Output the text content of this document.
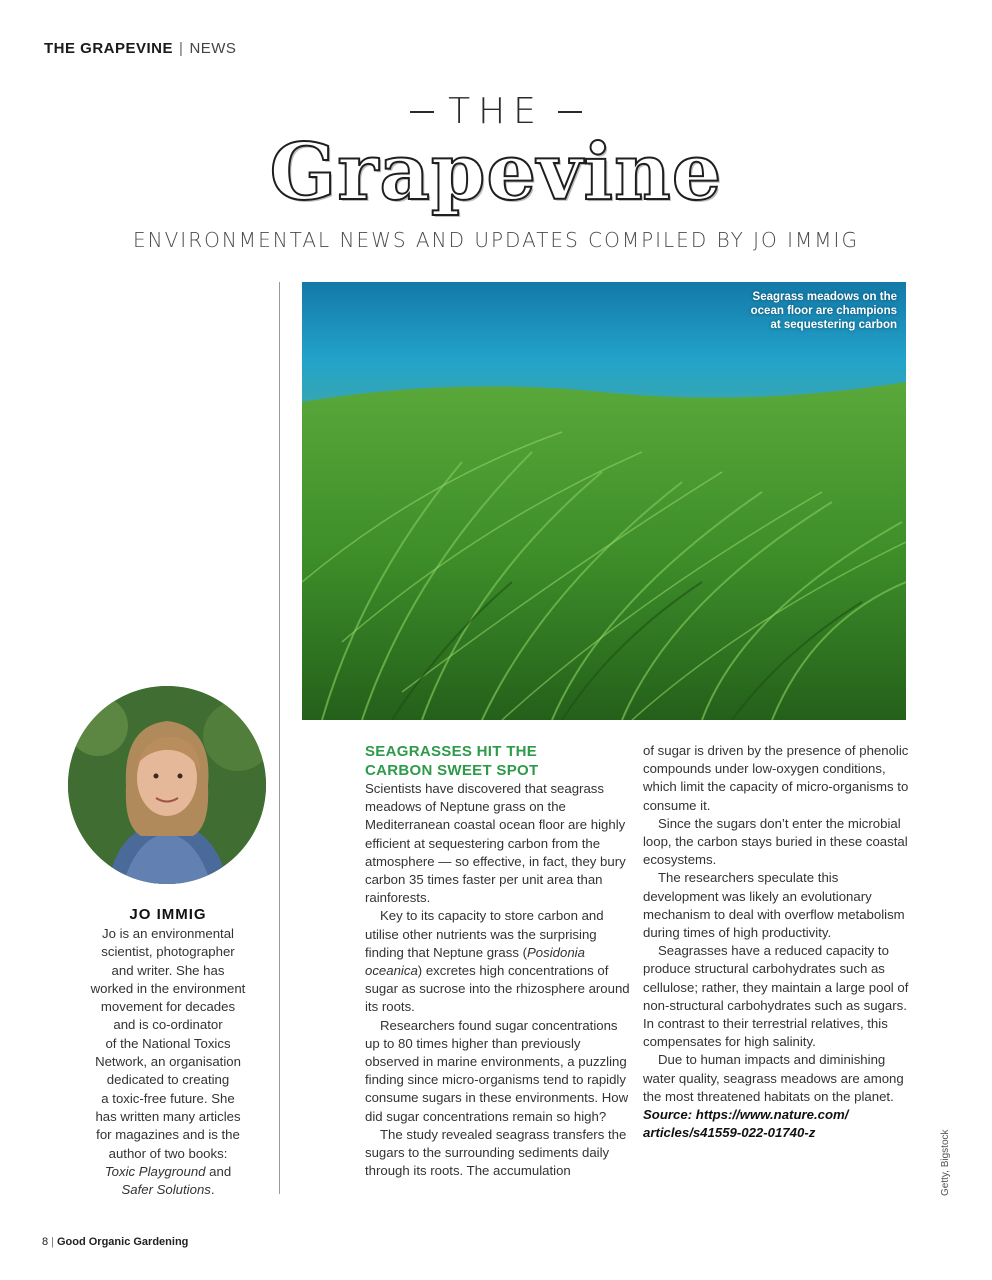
THE GRAPEVINE | NEWS
THE
Grapevine
ENVIRONMENTAL NEWS AND UPDATES COMPILED BY JO IMMIG
Seagrass meadows on the
ocean floor are champions
at sequestering carbon
JO IMMIG
Jo is an environmental
scientist, photographer
and writer. She has
worked in the environment
movement for decades
and is co-ordinator
of the National Toxics
Network, an organisation
dedicated to creating
a toxic-free future. She
has written many articles
for magazines and is the
author of two books:
Toxic Playground and
Safer Solutions.
SEAGRASSES HIT THE
CARBON SWEET SPOT

Scientists have discovered that seagrass meadows of Neptune grass on the Mediterranean coastal ocean floor are highly efficient at sequestering carbon from the atmosphere — so effective, in fact, they bury carbon 35 times faster per unit area than rainforests.

Key to its capacity to store carbon and utilise other nutrients was the surprising finding that Neptune grass (Posidonia oceanica) excretes high concentrations of sugar as sucrose into the rhizosphere around its roots.

Researchers found sugar concentrations up to 80 times higher than previously observed in marine environments, a puzzling finding since micro-organisms tend to rapidly consume sugars in these environments. How did sugar concentrations remain so high?

The study revealed seagrass transfers the sugars to the surrounding sediments daily through its roots. The accumulation

of sugar is driven by the presence of phenolic compounds under low-oxygen conditions, which limit the capacity of micro-organisms to consume it.

Since the sugars don’t enter the microbial loop, the carbon stays buried in these coastal ecosystems.

The researchers speculate this development was likely an evolutionary mechanism to deal with overflow metabolism during times of high productivity.

Seagrasses have a reduced capacity to produce structural carbohydrates such as cellulose; rather, they maintain a large pool of non-structural carbohydrates such as sugars. In contrast to their terrestrial relatives, this compensates for high salinity.

Due to human impacts and diminishing water quality, seagrass meadows are among the most threatened habitats on the planet.

Source: https://www.nature.com/
articles/s41559-022-01740-z	Getty, Bigstock
8 | Good Organic Gardening
